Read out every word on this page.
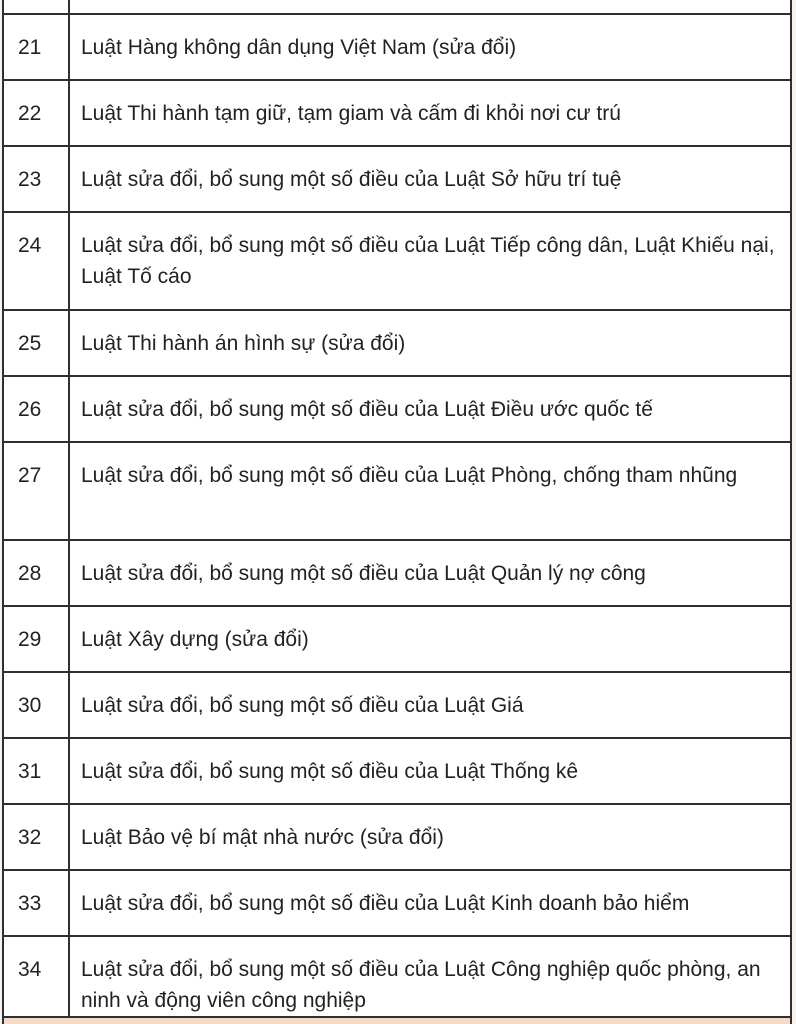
21	Luật Hàng không dân dụng Việt Nam (sửa đổi)
22	Luật Thi hành tạm giữ, tạm giam và cấm đi khỏi nơi cư trú
23	Luật sửa đổi, bổ sung một số điều của Luật Sở hữu trí tuệ
24	Luật sửa đổi, bổ sung một số điều của Luật Tiếp công dân, Luật Khiếu nại, Luật Tố cáo
25	Luật Thi hành án hình sự (sửa đổi)
26	Luật sửa đổi, bổ sung một số điều của Luật Điều ước quốc tế
27	Luật sửa đổi, bổ sung một số điều của Luật Phòng, chống tham nhũng
28	Luật sửa đổi, bổ sung một số điều của Luật Quản lý nợ công
29	Luật Xây dựng (sửa đổi)
30	Luật sửa đổi, bổ sung một số điều của Luật Giá
31	Luật sửa đổi, bổ sung một số điều của Luật Thống kê
32	Luật Bảo vệ bí mật nhà nước (sửa đổi)
33	Luật sửa đổi, bổ sung một số điều của Luật Kinh doanh bảo hiểm
34	Luật sửa đổi, bổ sung một số điều của Luật Công nghiệp quốc phòng, an ninh và động viên công nghiệp
